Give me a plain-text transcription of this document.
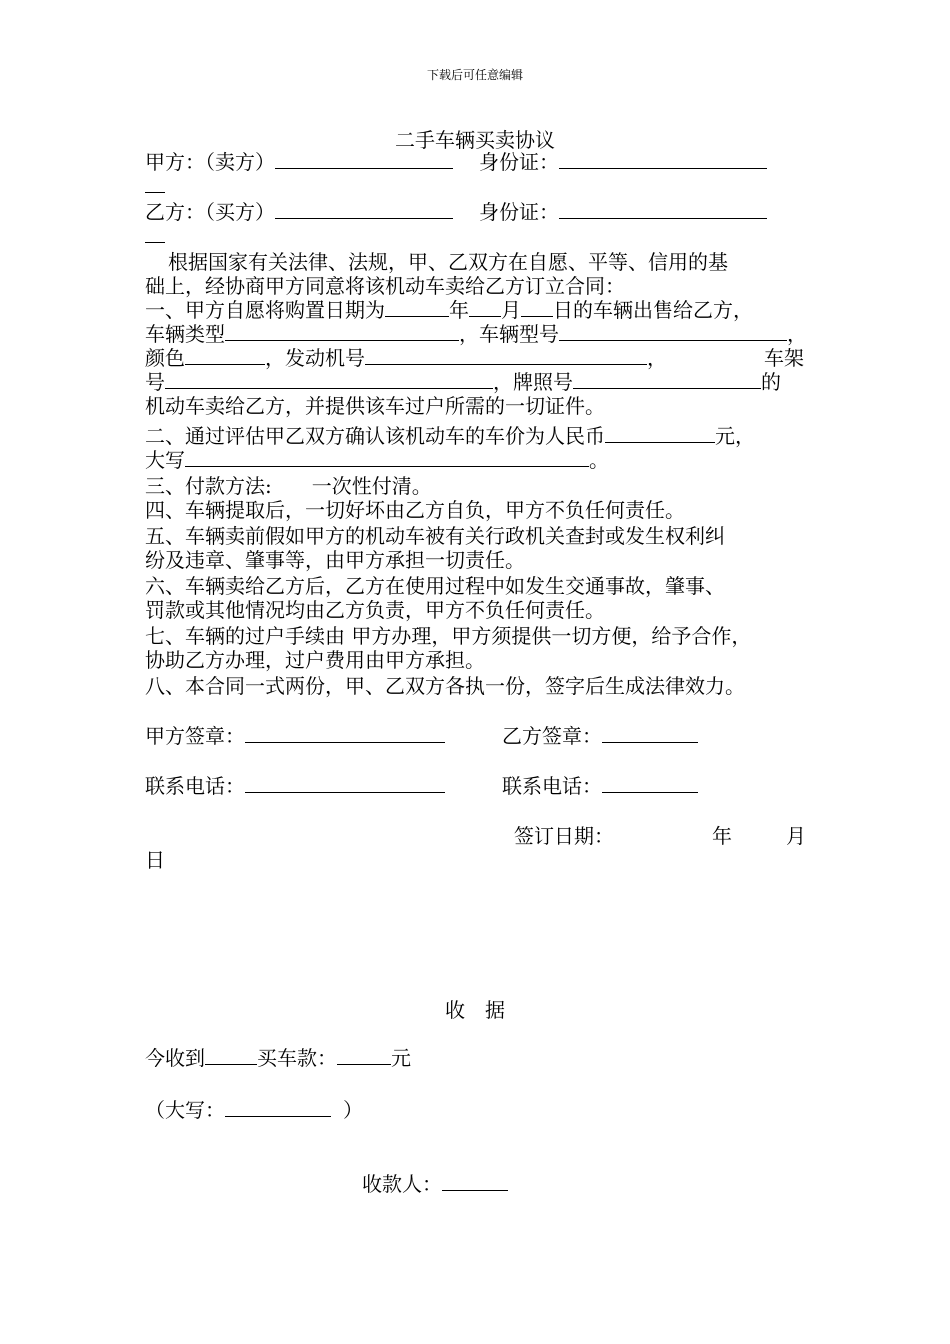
下载后可任意编辑
二手车辆买卖协议
甲方：（卖方）	身份证：
乙方：（买方）	身份证：
根据国家有关法律、法规，甲、乙双方在自愿、平等、信用的基
础上，经协商甲方同意将该机动车卖给乙方订立合同：
一、甲方自愿将购置日期为	年 月 日的车辆出售给乙方，
车辆类型	，车辆型号	，
颜色	，发动机号	，	车架
号	，牌照号	的
机动车卖给乙方，并提供该车过户所需的一切证件。
二、通过评估甲乙双方确认该机动车的车价为人民币	元，
大写	。
三、付款方法:　　一次性付清。
四、车辆提取后，一切好坏由乙方自负，甲方不负任何责任。
五、车辆卖前假如甲方的机动车被有关行政机关查封或发生权利纠
纷及违章、肇事等，由甲方承担一切责任。
六、车辆卖给乙方后，乙方在使用过程中如发生交通事故，肇事、
罚款或其他情况均由乙方负责，甲方不负任何责任。
七、车辆的过户手续由 甲方办理，甲方须提供一切方便，给予合作，
协助乙方办理，过户费用由甲方承担。
八、本合同一式两份，甲、乙双方各执一份，签字后生成法律效力。
甲方签章：	乙方签章：
联系电话：	联系电话：
签订日期：	年	月
日
收　据
今收到	买车款：	元
（大写：	）
收款人：
